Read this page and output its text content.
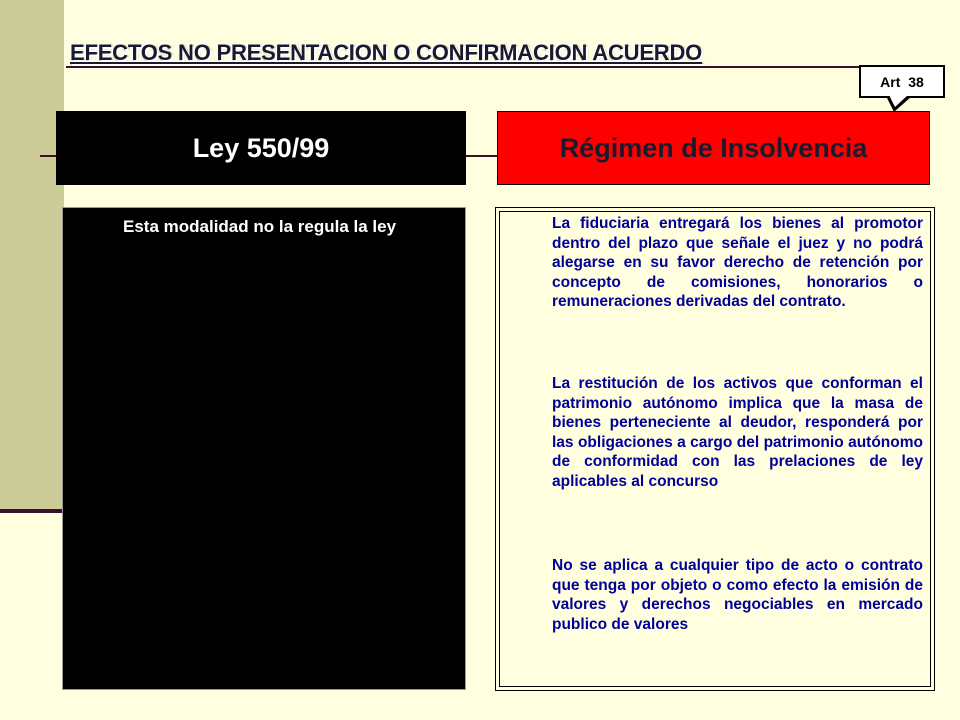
EFECTOS NO PRESENTACION O CONFIRMACION ACUERDO
Art 38
Ley 550/99	Régimen de Insolvencia
Esta modalidad no la regula la ley	La fiduciaria entregará los bienes al promotor dentro del plazo que señale el juez y no podrá alegarse en su favor derecho de retención por concepto de comisiones, honorarios o remuneraciones derivadas del contrato.

La restitución de los activos que conforman el patrimonio autónomo implica que la masa de bienes perteneciente al deudor, responderá por las obligaciones a cargo del patrimonio autónomo de conformidad con las prelaciones de ley aplicables al concurso

No se aplica a cualquier tipo de acto o contrato que tenga por objeto o como efecto la emisión de valores y derechos negociables en mercado publico de valores
